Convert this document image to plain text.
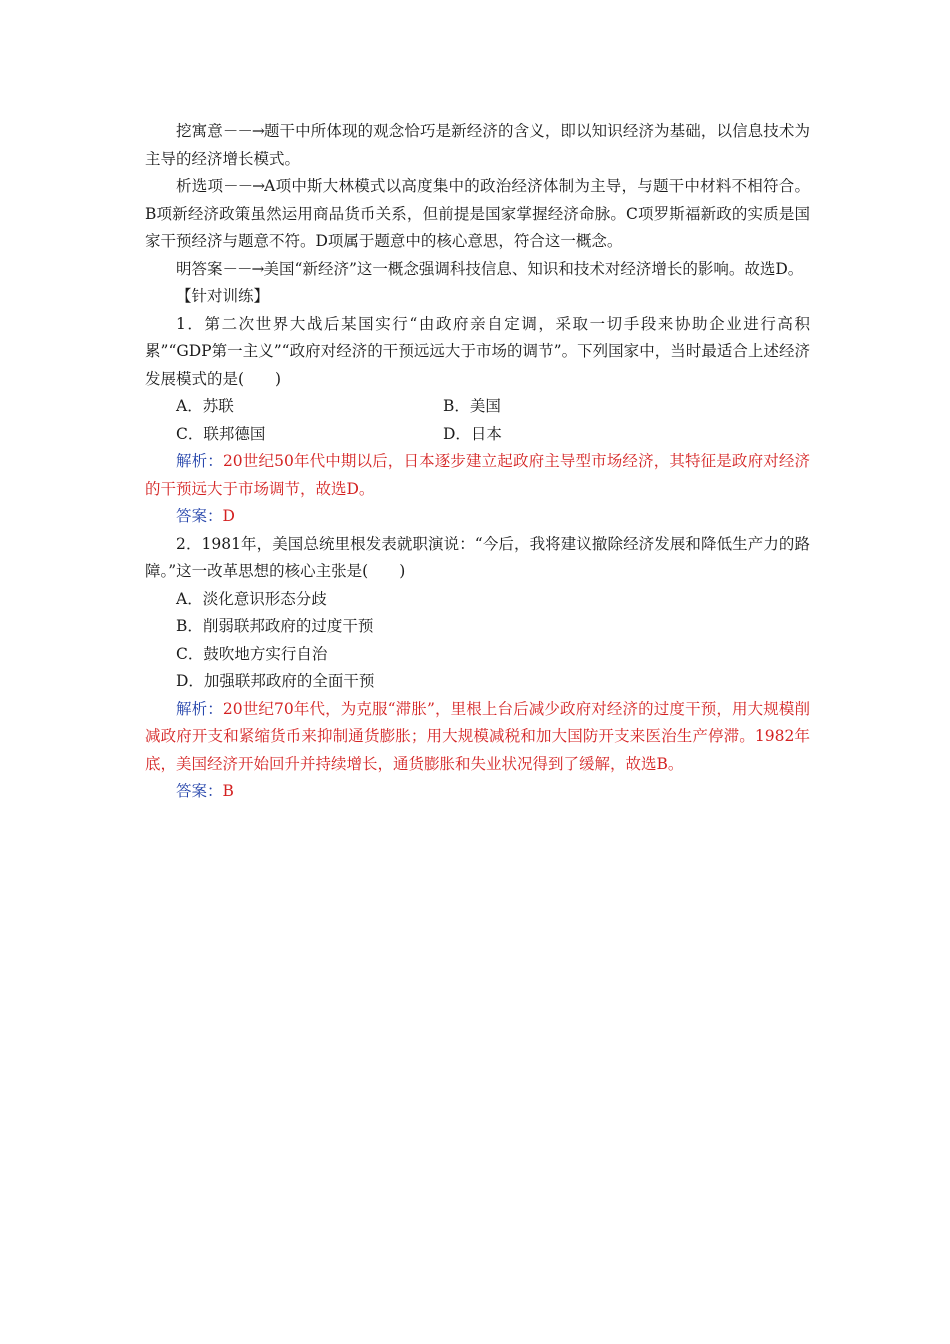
挖寓意－－→题干中所体现的观念恰巧是新经济的含义，即以知识经济为基础，以信息技术为主导的经济增长模式。

析选项－－→A项中斯大林模式以高度集中的政治经济体制为主导，与题干中材料不相符合。B项新经济政策虽然运用商品货币关系，但前提是国家掌握经济命脉。C项罗斯福新政的实质是国家干预经济与题意不符。D项属于题意中的核心意思，符合这一概念。

明答案－－→美国“新经济”这一概念强调科技信息、知识和技术对经济增长的影响。故选D。

【针对训练】

1．第二次世界大战后某国实行“由政府亲自定调，采取一切手段来协助企业进行高积累”“GDP第一主义”“政府对经济的干预远远大于市场的调节”。下列国家中，当时最适合上述经济发展模式的是(　　)

A．苏联	B．美国
C．联邦德国	D．日本

解析：20世纪50年代中期以后，日本逐步建立起政府主导型市场经济，其特征是政府对经济的干预远大于市场调节，故选D。

答案：D

2．1981年，美国总统里根发表就职演说：“今后，我将建议撤除经济发展和降低生产力的路障。”这一改革思想的核心主张是(　　)

A．淡化意识形态分歧

B．削弱联邦政府的过度干预

C．鼓吹地方实行自治

D．加强联邦政府的全面干预

解析：20世纪70年代，为克服“滞胀”，里根上台后减少政府对经济的过度干预，用大规模削减政府开支和紧缩货币来抑制通货膨胀；用大规模减税和加大国防开支来医治生产停滞。1982年底，美国经济开始回升并持续增长，通货膨胀和失业状况得到了缓解，故选B。

答案：B
